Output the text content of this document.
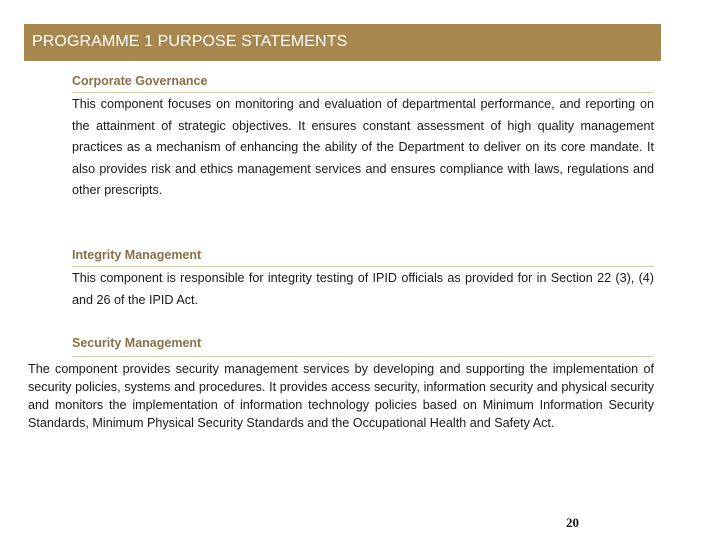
PROGRAMME 1 PURPOSE STATEMENTS
Corporate Governance

This component focuses on monitoring and evaluation of departmental performance, and reporting on the attainment of strategic objectives. It ensures constant assessment of high quality management practices as a mechanism of enhancing the ability of the Department to deliver on its core mandate. It also provides risk and ethics management services and ensures compliance with laws, regulations and other prescripts.

Integrity Management

This component is responsible for integrity testing of IPID officials as provided for in Section 22 (3), (4) and 26 of the IPID Act.

Security Management

The component provides security management services by developing and supporting the implementation of security policies, systems and procedures. It provides access security, information security and physical security and monitors the implementation of information technology policies based on Minimum Information Security Standards, Minimum Physical Security Standards and the Occupational Health and Safety Act.

20
